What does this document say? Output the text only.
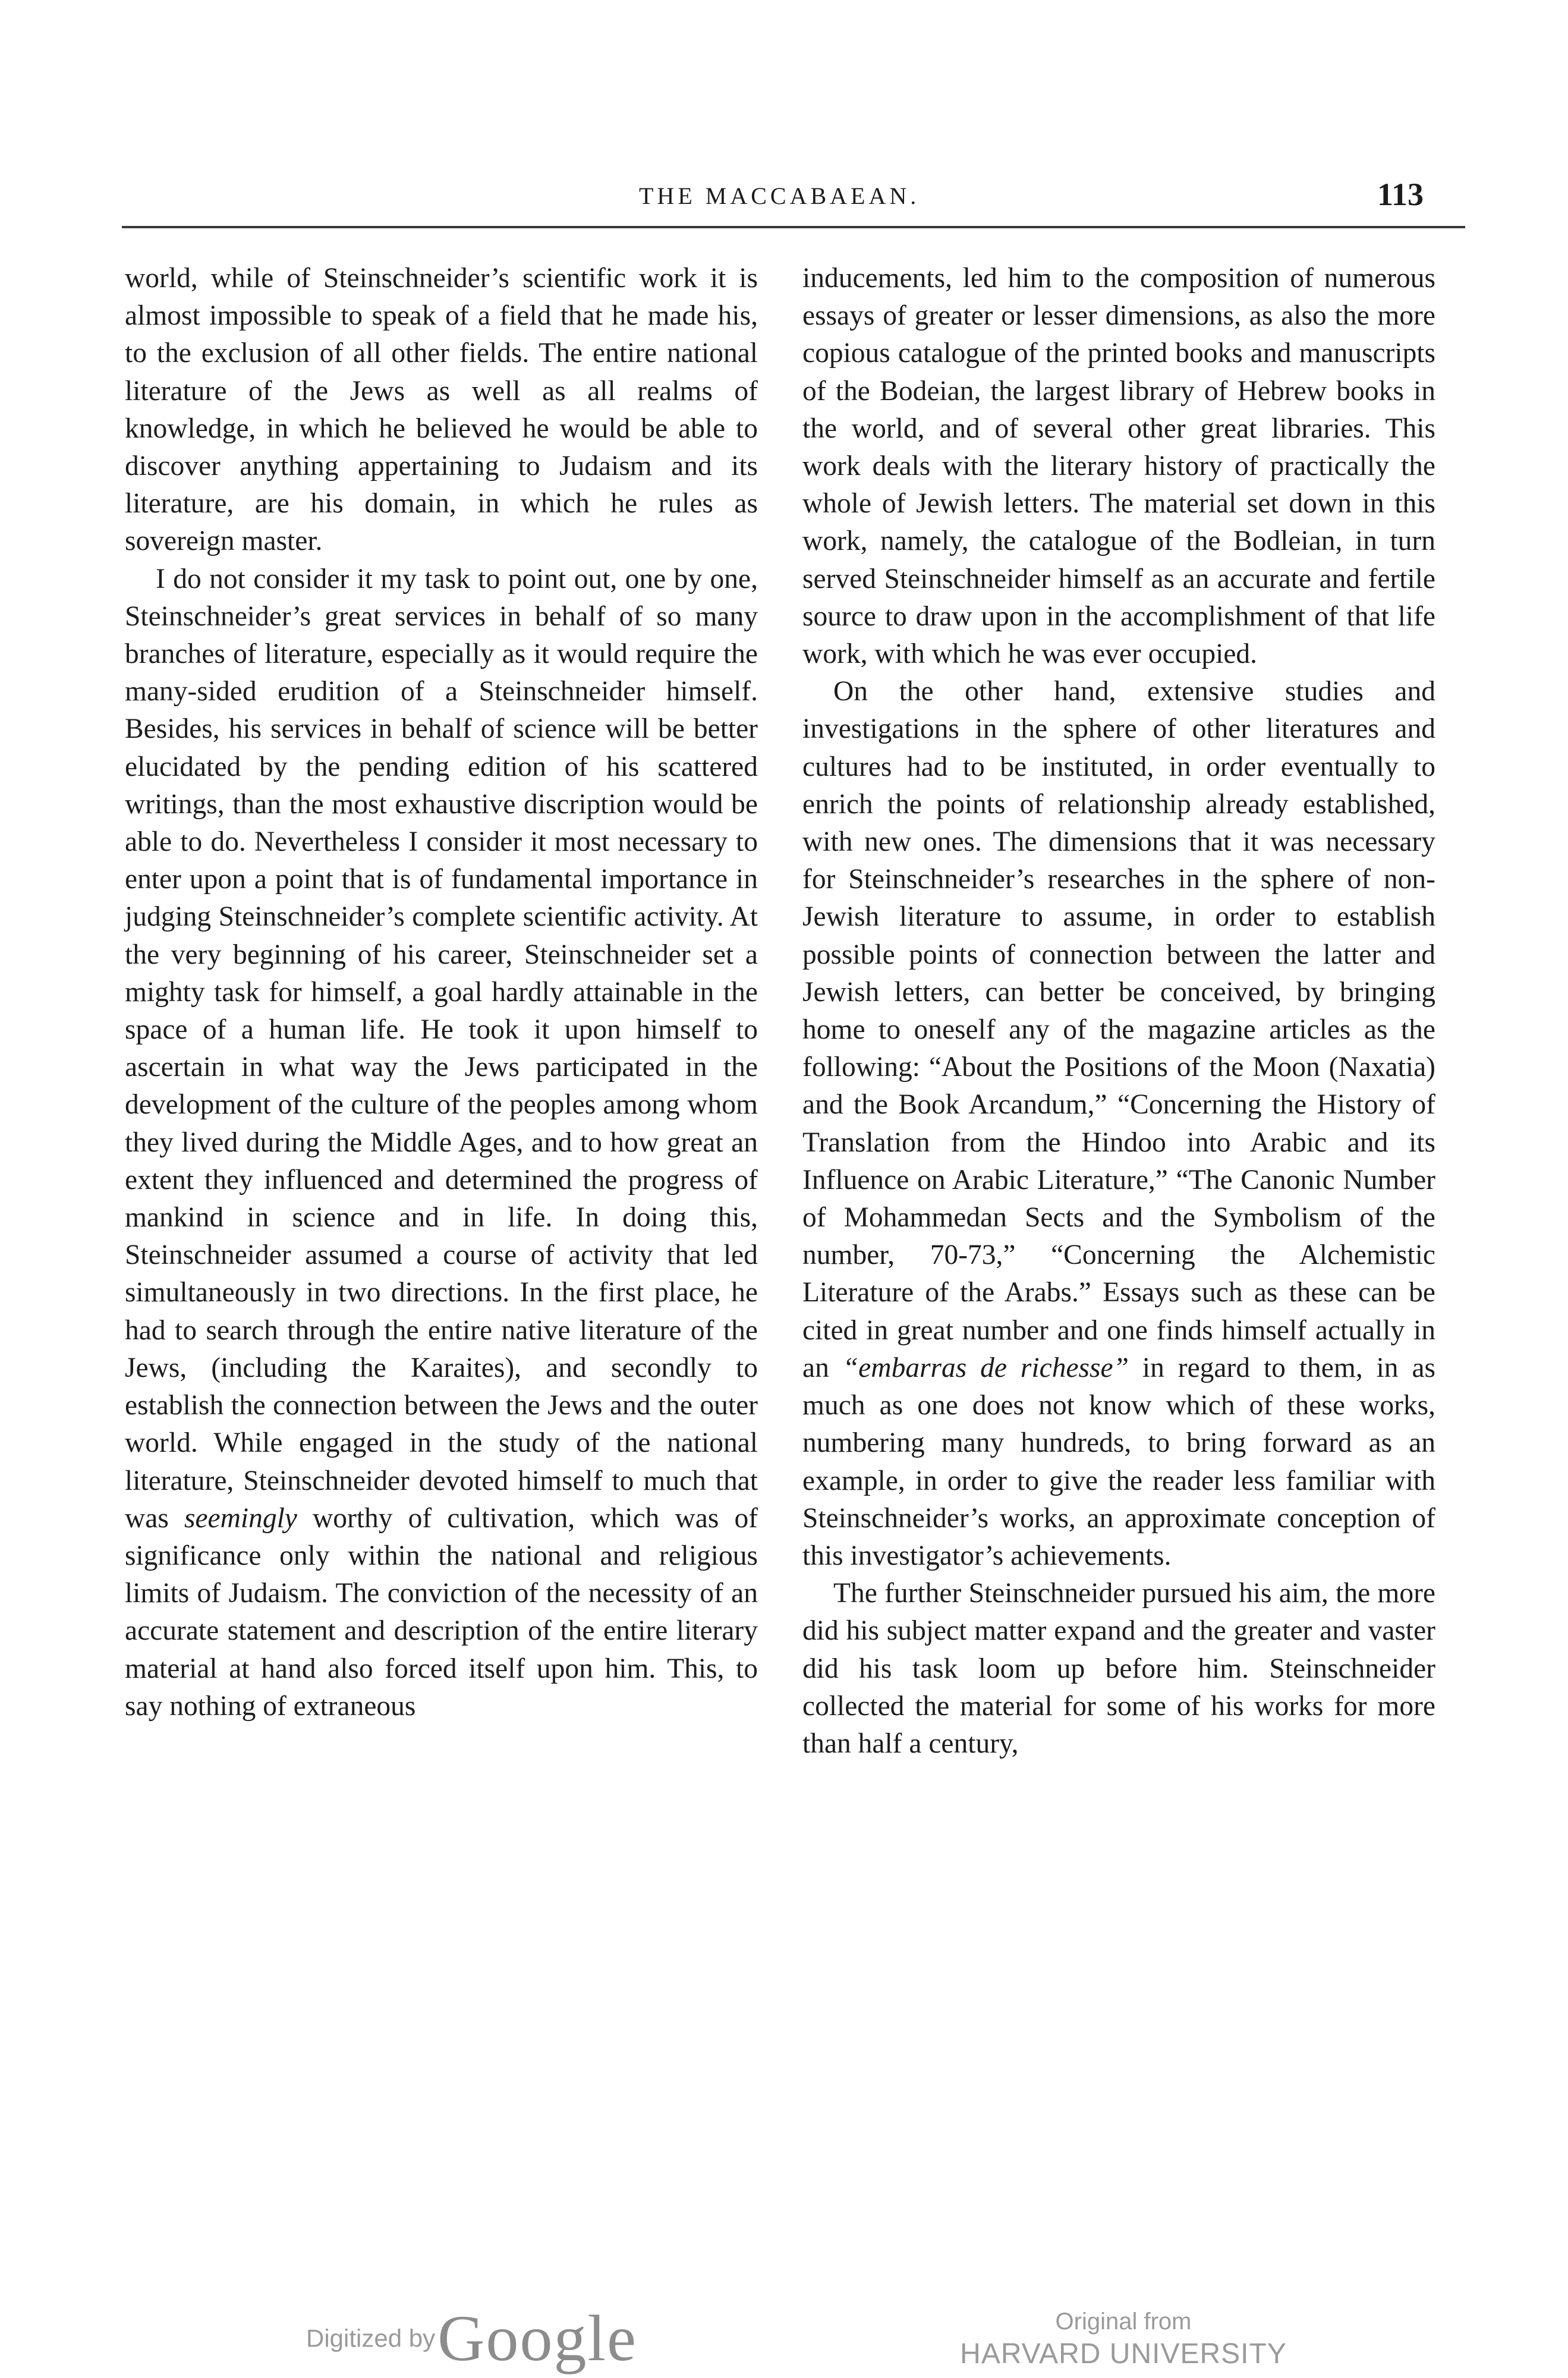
THE MACCABAEAN.	113

world, while of Steinschneider’s scientific work it is almost impossible to speak of a field that he made his, to the exclusion of all other fields. The entire national literature of the Jews as well as all realms of knowledge, in which he believed he would be able to discover anything appertaining to Judaism and its literature, are his domain, in which he rules as sovereign master.

I do not consider it my task to point out, one by one, Steinschneider’s great services in behalf of so many branches of literature, especially as it would require the many-sided erudition of a Steinschneider himself. Besides, his services in behalf of science will be better elucidated by the pending edition of his scattered writings, than the most exhaustive discription would be able to do. Nevertheless I consider it most necessary to enter upon a point that is of fundamental importance in judging Steinschneider’s complete scientific activity. At the very beginning of his career, Steinschneider set a mighty task for himself, a goal hardly attainable in the space of a human life. He took it upon himself to ascertain in what way the Jews participated in the development of the culture of the peoples among whom they lived during the Middle Ages, and to how great an extent they influenced and determined the progress of mankind in science and in life. In doing this, Steinschneider assumed a course of activity that led simultaneously in two directions. In the first place, he had to search through the entire native literature of the Jews, (including the Karaites), and secondly to establish the connection between the Jews and the outer world. While engaged in the study of the national literature, Steinschneider devoted himself to much that was seemingly worthy of cultivation, which was of significance only within the national and religious limits of Judaism. The conviction of the necessity of an accurate statement and description of the entire literary material at hand also forced itself upon him. This, to say nothing of extraneous

inducements, led him to the composition of numerous essays of greater or lesser dimensions, as also the more copious catalogue of the printed books and manuscripts of the Bodeian, the largest library of Hebrew books in the world, and of several other great libraries. This work deals with the literary history of practically the whole of Jewish letters. The material set down in this work, namely, the catalogue of the Bodleian, in turn served Steinschneider himself as an accurate and fertile source to draw upon in the accomplishment of that life work, with which he was ever occupied.

On the other hand, extensive studies and investigations in the sphere of other literatures and cultures had to be instituted, in order eventually to enrich the points of relationship already established, with new ones. The dimensions that it was necessary for Steinschneider’s researches in the sphere of non-Jewish literature to assume, in order to establish possible points of connection between the latter and Jewish letters, can better be conceived, by bringing home to oneself any of the magazine articles as the following: “About the Positions of the Moon (Naxatia) and the Book Arcandum,” “Concerning the History of Translation from the Hindoo into Arabic and its Influence on Arabic Literature,” “The Canonic Number of Mohammedan Sects and the Symbolism of the number, 70-73,” “Concerning the Alchemistic Literature of the Arabs.” Essays such as these can be cited in great number and one finds himself actually in an “embarras de richesse” in regard to them, in as much as one does not know which of these works, numbering many hundreds, to bring forward as an example, in order to give the reader less familiar with Steinschneider’s works, an approximate conception of this investigator’s achievements.

The further Steinschneider pursued his aim, the more did his subject matter expand and the greater and vaster did his task loom up before him. Steinschneider collected the material for some of his works for more than half a century,

Digitized by Google	Original from
HARVARD UNIVERSITY
